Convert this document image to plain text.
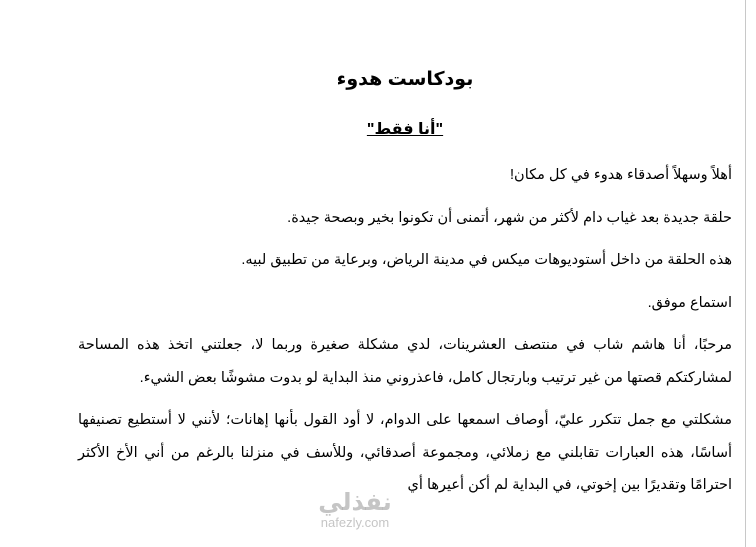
بودكاست هدوء
"أنا فقط"

أهلاً وسهلاً أصدقاء هدوء في كل مكان!

حلقة جديدة بعد غياب دام لأكثر من شهر، أتمنى أن تكونوا بخير وبصحة جيدة.

هذه الحلقة من داخل أستوديوهات ميكس في مدينة الرياض، وبرعاية من تطبيق لبيه.

استماع موفق.

مرحبًا، أنا هاشم شاب في منتصف العشرينات، لدي مشكلة صغيرة وربما لا، جعلتني اتخذ هذه المساحة لمشاركتكم قصتها من غير ترتيب وبارتجال كامل، فاعذروني منذ البداية لو بدوت مشوشًا بعض الشيء.

مشكلتي مع جمل تتكرر عليّ، أوصاف اسمعها على الدوام، لا أود القول بأنها إهانات؛ لأنني لا أستطيع تصنيفها أساسًا، هذه العبارات تقابلني مع زملائي، ومجموعة أصدقائي، وللأسف في منزلنا بالرغم من أني الأخ الأكثر احترامًا وتقديرًا بين إخوتي، في البداية لم أكن أعيرها أي

نفذلي
nafezly.com
